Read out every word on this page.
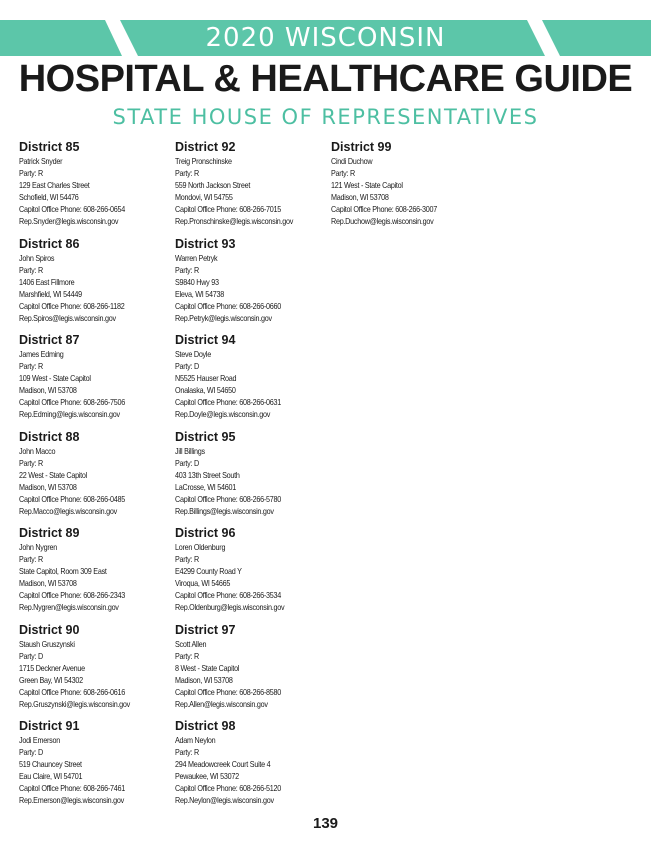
2020 WISCONSIN
HOSPITAL & HEALTHCARE GUIDE
STATE HOUSE OF REPRESENTATIVES
District 85
Patrick Snyder
Party: R
129 East Charles Street
Schofield, WI 54476
Capitol Office Phone: 608-266-0654
Rep.Snyder@legis.wisconsin.gov
District 86
John Spiros
Party: R
1406 East Fillmore
Marshfield, WI 54449
Capitol Office Phone: 608-266-1182
Rep.Spiros@legis.wisconsin.gov
District 87
James Edming
Party: R
109 West - State Capitol
Madison, WI 53708
Capitol Office Phone: 608-266-7506
Rep.Edming@legis.wisconsin.gov
District 88
John Macco
Party: R
22 West - State Capitol
Madison, WI 53708
Capitol Office Phone: 608-266-0485
Rep.Macco@legis.wisconsin.gov
District 89
John Nygren
Party: R
State Capitol, Room 309 East
Madison, WI 53708
Capitol Office Phone: 608-266-2343
Rep.Nygren@legis.wisconsin.gov
District 90
Staush Gruszynski
Party: D
1715 Deckner Avenue
Green Bay, WI 54302
Capitol Office Phone: 608-266-0616
Rep.Gruszynski@legis.wisconsin.gov
District 91
Jodi Emerson
Party: D
519 Chauncey Street
Eau Claire, WI 54701
Capitol Office Phone: 608-266-7461
Rep.Emerson@legis.wisconsin.gov
District 92
Treig Pronschinske
Party: R
559 North Jackson Street
Mondovi, WI 54755
Capitol Office Phone: 608-266-7015
Rep.Pronschinske@legis.wisconsin.gov
District 93
Warren Petryk
Party: R
S9840 Hwy 93
Eleva, WI 54738
Capitol Office Phone: 608-266-0660
Rep.Petryk@legis.wisconsin.gov
District 94
Steve Doyle
Party: D
N5525 Hauser Road
Onalaska, WI 54650
Capitol Office Phone: 608-266-0631
Rep.Doyle@legis.wisconsin.gov
District 95
Jill Billings
Party: D
403 13th Street South
LaCrosse, WI 54601
Capitol Office Phone: 608-266-5780
Rep.Billings@legis.wisconsin.gov
District 96
Loren Oldenburg
Party: R
E4299 County Road Y
Viroqua, WI 54665
Capitol Office Phone: 608-266-3534
Rep.Oldenburg@legis.wisconsin.gov
District 97
Scott Allen
Party: R
8 West - State Capitol
Madison, WI 53708
Capitol Office Phone: 608-266-8580
Rep.Allen@legis.wisconsin.gov
District 98
Adam Neylon
Party: R
294 Meadowcreek Court Suite 4
Pewaukee, WI 53072
Capitol Office Phone: 608-266-5120
Rep.Neylon@legis.wisconsin.gov
District 99
Cindi Duchow
Party: R
121 West - State Capitol
Madison, WI 53708
Capitol Office Phone: 608-266-3007
Rep.Duchow@legis.wisconsin.gov
139
